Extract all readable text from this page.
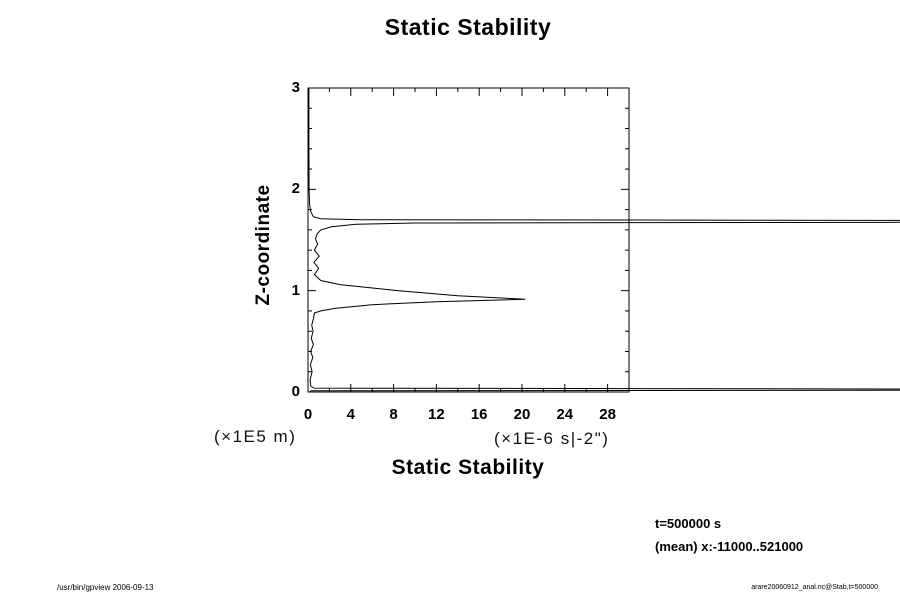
Static Stability
Z-coordinate
0	4	8	12	16	20	24	28
0
1
2
3
(×1E5 m)	(×1E-6 s|-2")
Static Stability
t=500000 s
(mean) x:-11000..521000
/usr/bin/gpview 2006-09-13	arare20060912_anal.nc@Stab,t=500000
